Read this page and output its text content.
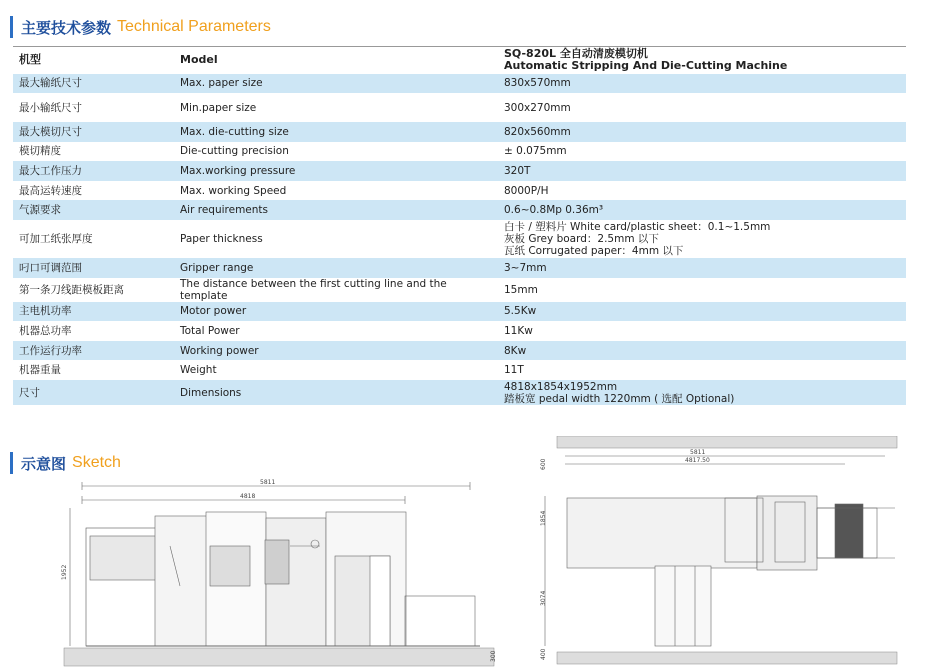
主要技术参数 Technical Parameters
机型	Model	SQ-820L 全自动清废模切机
Automatic Stripping And Die-Cutting Machine

最大输纸尺寸	Max. paper size	830x570mm

最小输纸尺寸	Min.paper size	300x270mm

最大模切尺寸	Max. die-cutting size	820x560mm

模切精度	Die-cutting precision	± 0.075mm

最大工作压力	Max.working pressure	320T

最高运转速度	Max. working Speed	8000P/H

气源要求	Air requirements	0.6~0.8Mp 0.36m³

可加工纸张厚度	Paper thickness	白卡 / 塑料片 White card/plastic sheet：0.1~1.5mm
灰板 Grey board：2.5mm 以下
瓦纸 Corrugated paper：4mm 以下

叼口可调范围	Gripper range	3~7mm

第一条刀线距模板距离	The distance between the first cutting line and the template	15mm

主电机功率	Motor power	5.5Kw

机器总功率	Total Power	11Kw

工作运行功率	Working power	8Kw

机器重量	Weight	11T

尺寸	Dimensions	4818x1854x1952mm
踏板宽 pedal width 1220mm ( 选配 Optional)
示意图 Sketch
5811
4818
1952
300
5811
4817.50
600
1854
3074
400
